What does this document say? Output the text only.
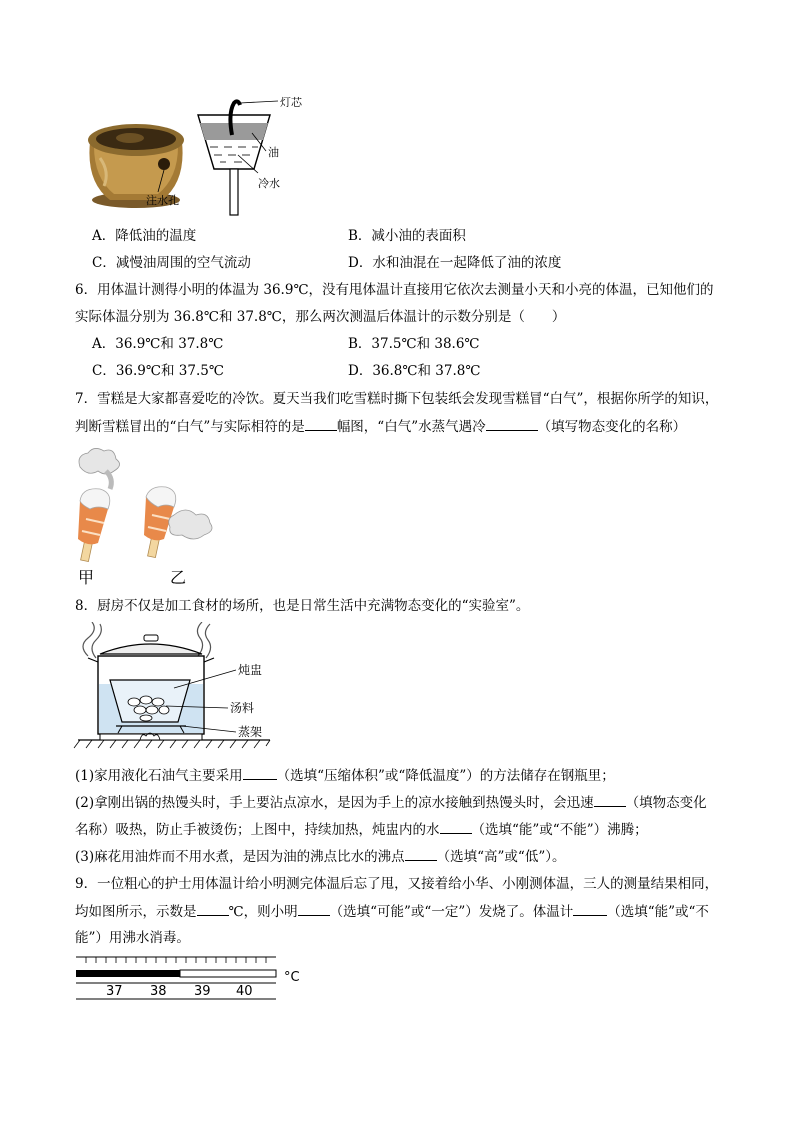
注水孔
灯芯
油
冷水
A．降低油的温度	B．减小油的表面积
C．减慢油周围的空气流动	D．水和油混在一起降低了油的浓度
6．用体温计测得小明的体温为 36.9℃，没有甩体温计直接用它依次去测量小天和小亮的体温，已知他们的
实际体温分别为 36.8℃和 37.8℃，那么两次测温后体温计的示数分别是（　　）
A．36.9℃和 37.8℃	B．37.5℃和 38.6℃
C．36.9℃和 37.5℃	D．36.8℃和 37.8℃
7．雪糕是大家都喜爱吃的冷饮。夏天当我们吃雪糕时撕下包装纸会发现雪糕冒“白气”，根据你所学的知识，
判断雪糕冒出的“白气”与实际相符的是 幅图，“白气”水蒸气遇冷	（填写物态变化的名称）
甲	乙
8．厨房不仅是加工食材的场所，也是日常生活中充满物态变化的“实验室”。
炖盅
汤料
蒸架
(1)家用液化石油气主要采用	（选填“压缩体积”或“降低温度”）的方法储存在钢瓶里；
(2)拿刚出锅的热馒头时，手上要沾点凉水，是因为手上的凉水接触到热馒头时，会迅速 （填物态变化
名称）吸热，防止手被烫伤；上图中，持续加热，炖盅内的水 （选填“能”或“不能”）沸腾；
(3)麻花用油炸而不用水煮，是因为油的沸点比水的沸点 （选填“高”或“低”）。
9．一位粗心的护士用体温计给小明测完体温后忘了甩，又接着给小华、小刚测体温，三人的测量结果相同，
均如图所示，示数是 ℃，则小明 （选填“可能”或“一定”）发烧了。体温计	（选填“能”或“不
能”）用沸水消毒。
37 38 39 40
°C
